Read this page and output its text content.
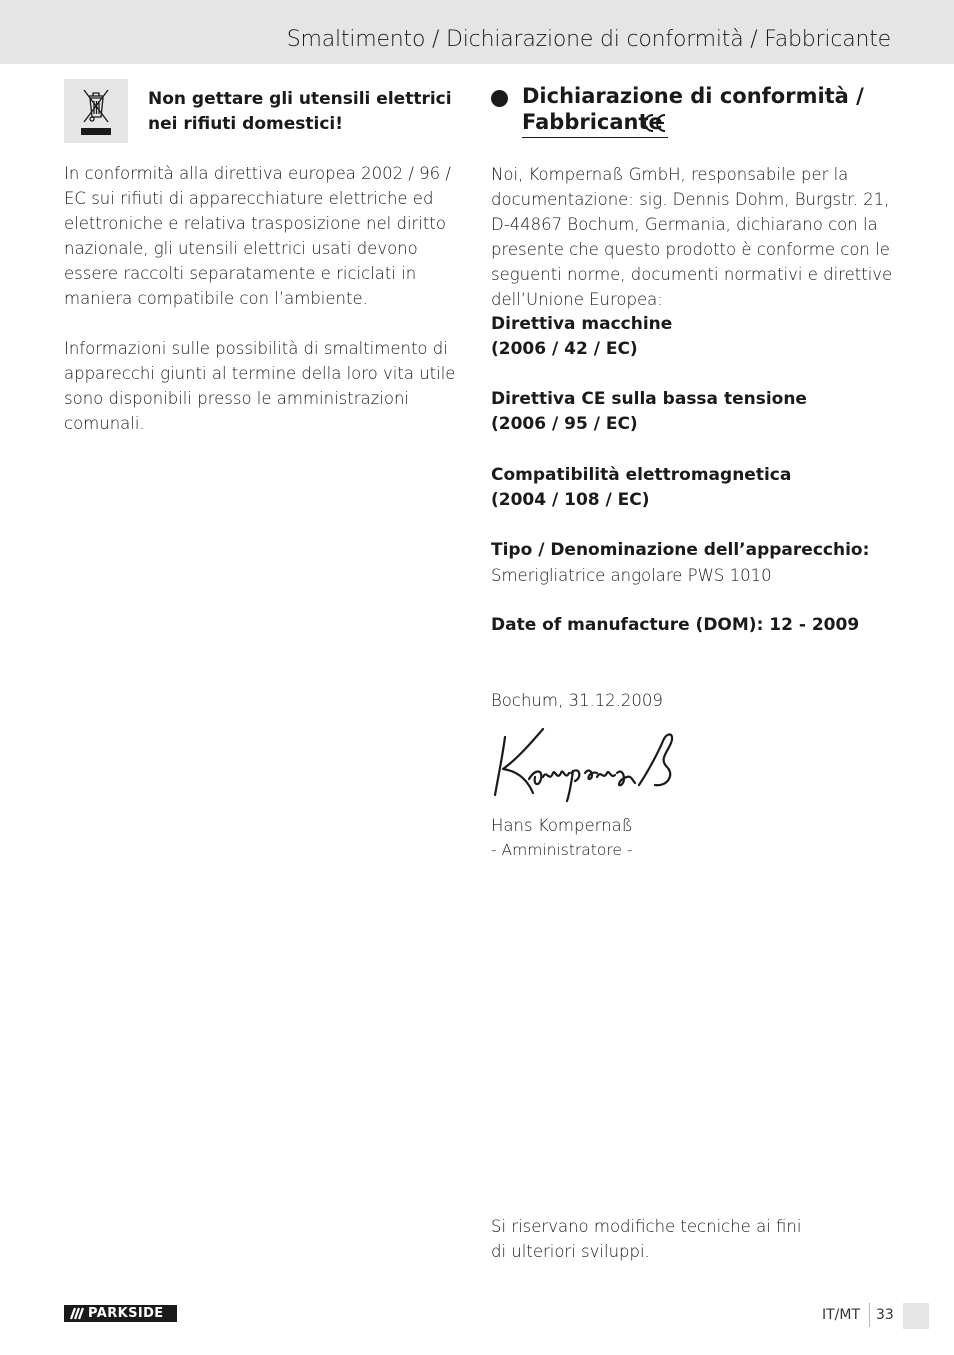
Smaltimento / Dichiarazione di conformità / Fabbricante
Non gettare gli utensili elettrici nei rifiuti domestici!

In conformità alla direttiva europea 2002 / 96 / EC sui rifiuti di apparecchiature elettriche ed elettroniche e relativa trasposizione nel diritto nazionale, gli utensili elettrici usati devono essere raccolti separatamente e riciclati in maniera compatibile con l’ambiente.

Informazioni sulle possibilità di smaltimento di apparecchi giunti al termine della loro vita utile sono disponibili presso le amministrazioni comunali.

Dichiarazione di conformità /
Fabbricante

Noi, Kompernaß GmbH, responsabile per la documentazione: sig. Dennis Dohm, Burgstr. 21, D-44867 Bochum, Germania, dichiarano con la presente che questo prodotto è conforme con le seguenti norme, documenti normativi e direttive dell’Unione Europea:

Direttiva macchine

(2006 / 42 / EC)

Direttiva CE sulla bassa tensione

(2006 / 95 / EC)

Compatibilità elettromagnetica

(2004 / 108 / EC)

Tipo / Denominazione dell’apparecchio:

Smerigliatrice angolare PWS 1010

Date of manufacture (DOM): 12 - 2009

Bochum, 31.12.2009

Hans Kompernaß

- Amministratore -

Si riservano modifiche tecniche ai fini di ulteriori sviluppi.

PARKSIDE	IT/MT 33
